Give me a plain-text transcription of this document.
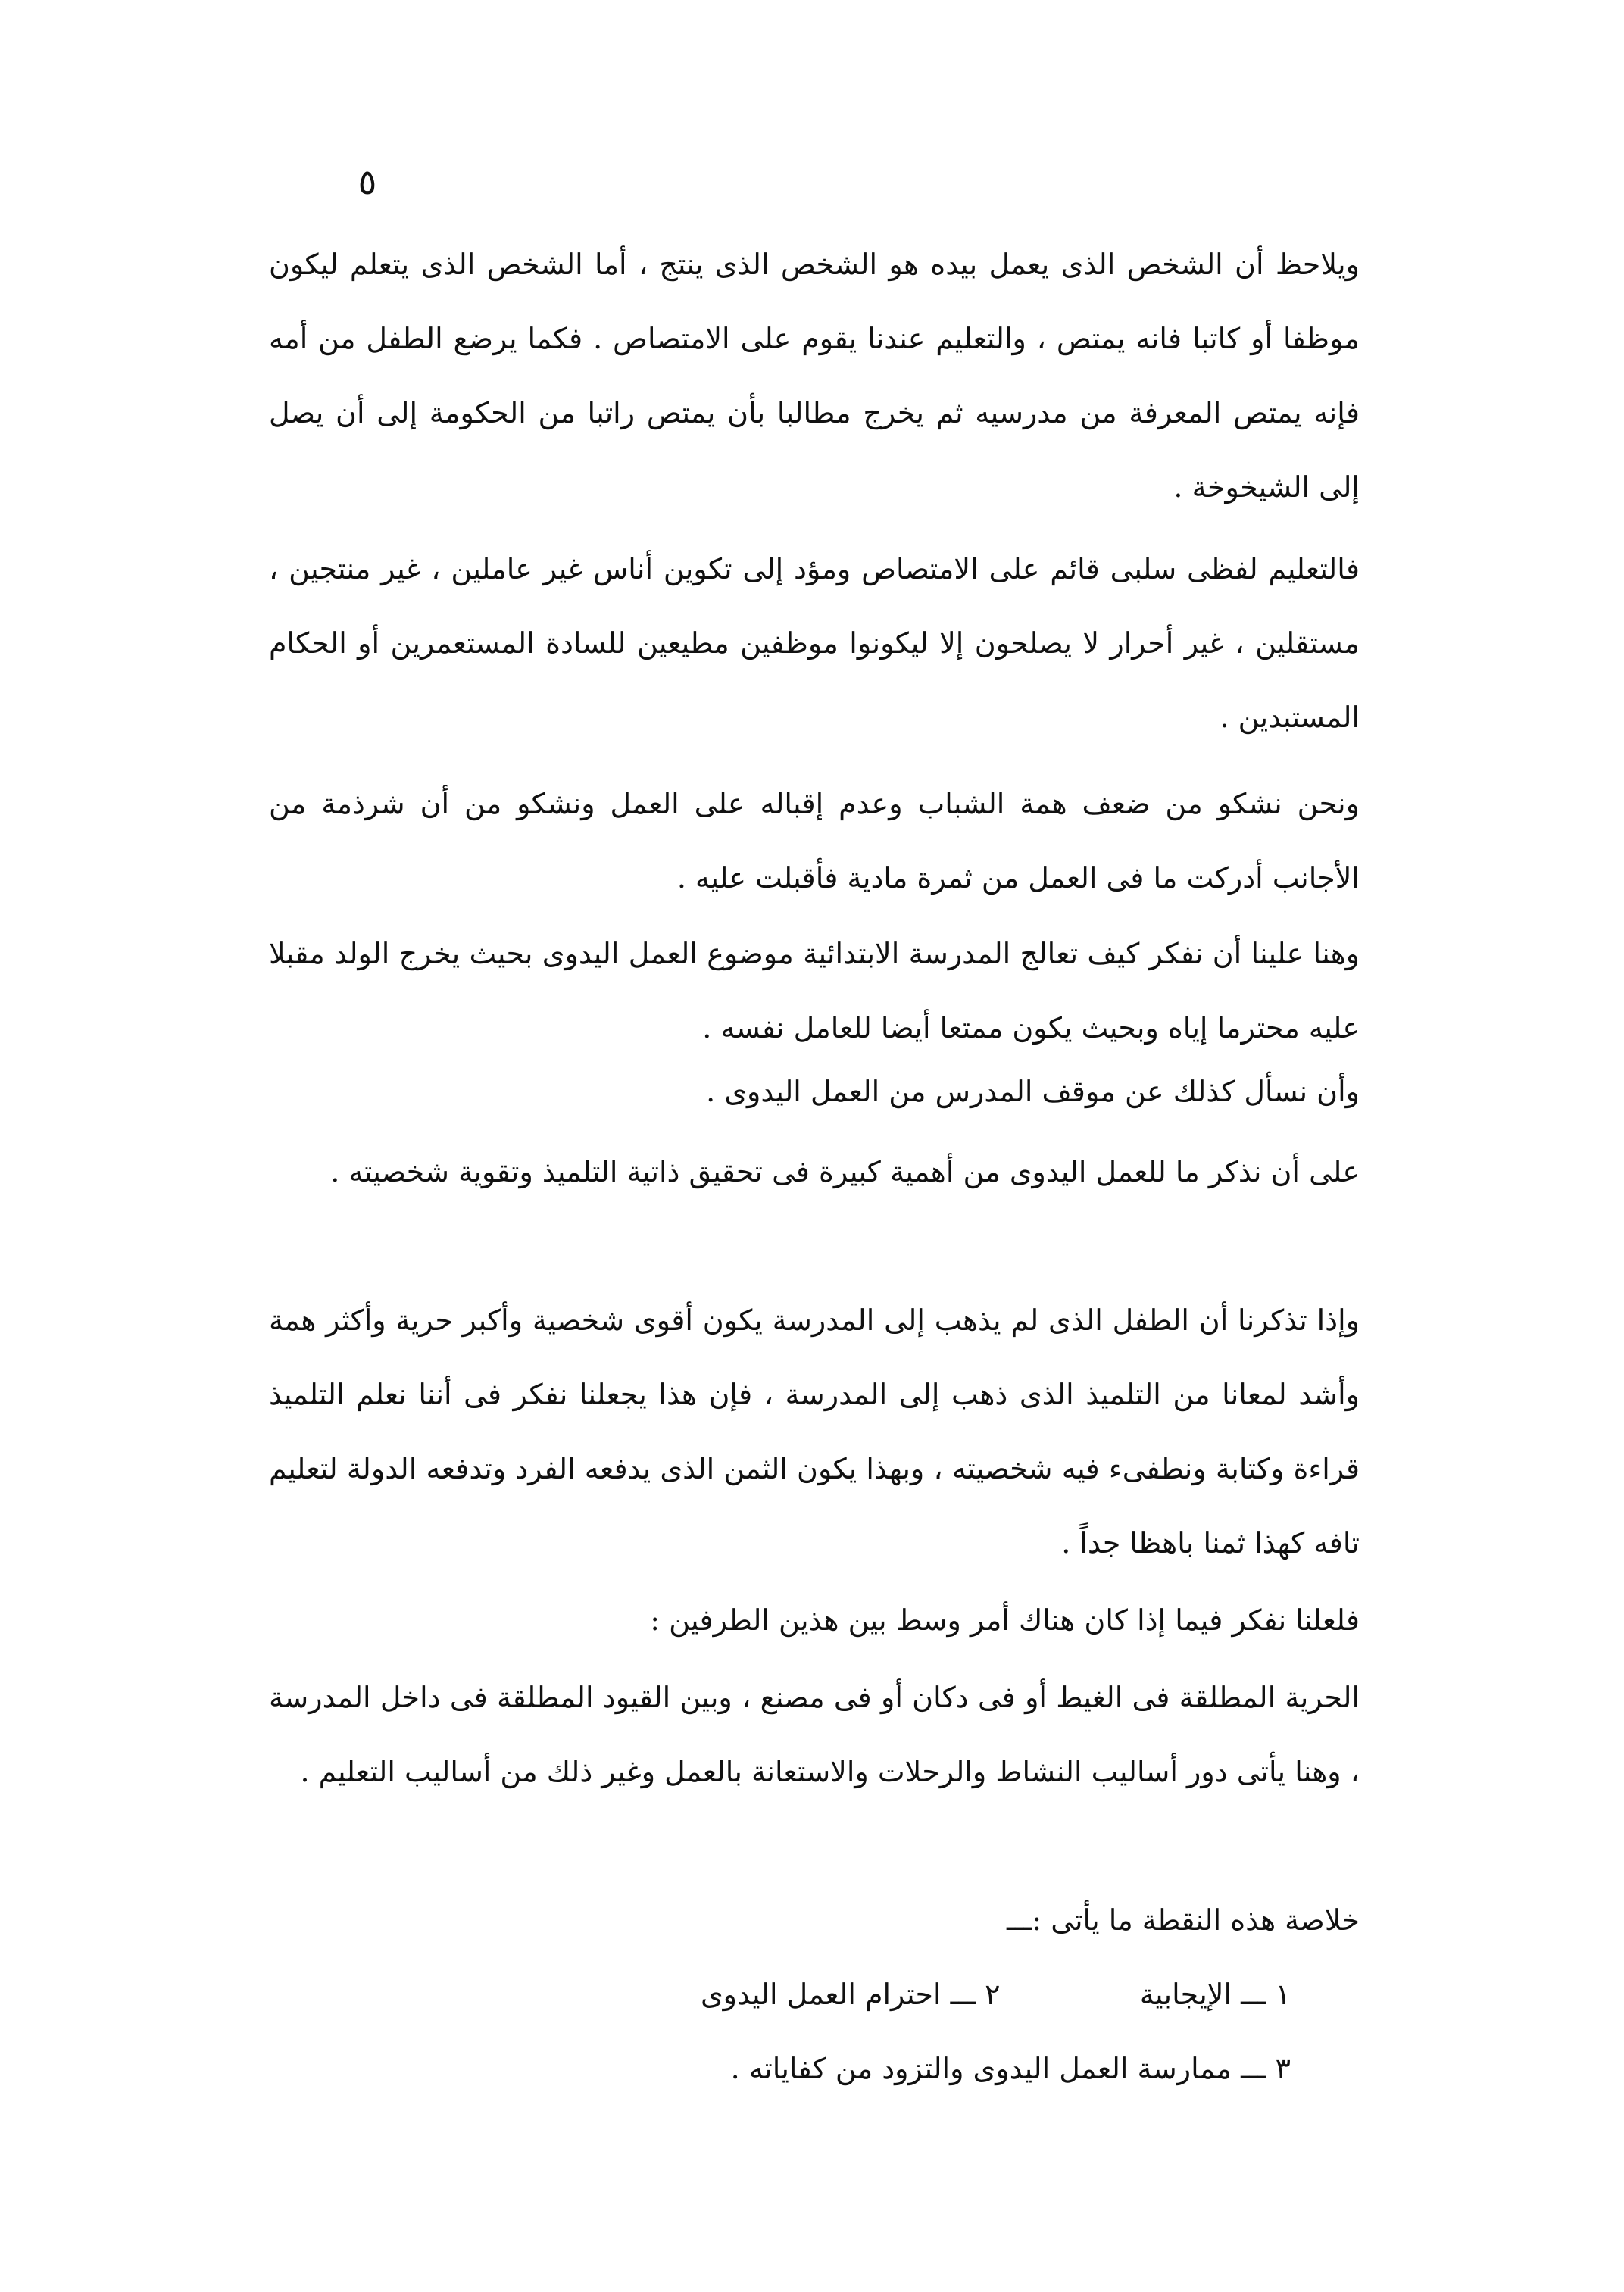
٥

ويلاحظ أن الشخص الذى يعمل بيده هو الشخص الذى ينتج ، أما الشخص الذى يتعلم ليكون موظفا أو كاتبا فانه يمتص ، والتعليم عندنا يقوم على الامتصاص . فكما يرضع الطفل من أمه فإنه يمتص المعرفة من مدرسيه ثم يخرج مطالبا بأن يمتص راتبا من الحكومة إلى أن يصل إلى الشيخوخة .

فالتعليم لفظى سلبى قائم على الامتصاص ومؤد إلى تكوين أناس غير عاملين ، غير منتجين ، مستقلين ، غير أحرار لا يصلحون إلا ليكونوا موظفين مطيعين للسادة المستعمرين أو الحكام المستبدين .

ونحن نشكو من ضعف همة الشباب وعدم إقباله على العمل ونشكو من أن شرذمة من الأجانب أدركت ما فى العمل من ثمرة مادية فأقبلت عليه .

وهنا علينا أن نفكر كيف تعالج المدرسة الابتدائية موضوع العمل اليدوى بحيث يخرج الولد مقبلا عليه محترما إياه وبحيث يكون ممتعا أيضا للعامل نفسه .

وأن نسأل كذلك عن موقف المدرس من العمل اليدوى .

على أن نذكر ما للعمل اليدوى من أهمية كبيرة فى تحقيق ذاتية التلميذ وتقوية شخصيته .

وإذا تذكرنا أن الطفل الذى لم يذهب إلى المدرسة يكون أقوى شخصية وأكبر حرية وأكثر همة وأشد لمعانا من التلميذ الذى ذهب إلى المدرسة ، فإن هذا يجعلنا نفكر فى أننا نعلم التلميذ قراءة وكتابة ونطفىء فيه شخصيته ، وبهذا يكون الثمن الذى يدفعه الفرد وتدفعه الدولة لتعليم تافه كهذا ثمنا باهظا جداً .

فلعلنا نفكر فيما إذا كان هناك أمر وسط بين هذين الطرفين :

الحرية المطلقة فى الغيط أو فى دكان أو فى مصنع ، وبين القيود المطلقة فى داخل المدرسة ، وهنا يأتى دور أساليب النشاط والرحلات والاستعانة بالعمل وغير ذلك من أساليب التعليم .

خلاصة هذه النقطة ما يأتى :ـــ

١ ـــ الإيجابية  ٢ ـــ احترام العمل اليدوى
٣ ـــ ممارسة العمل اليدوى والتزود من كفاياته .
